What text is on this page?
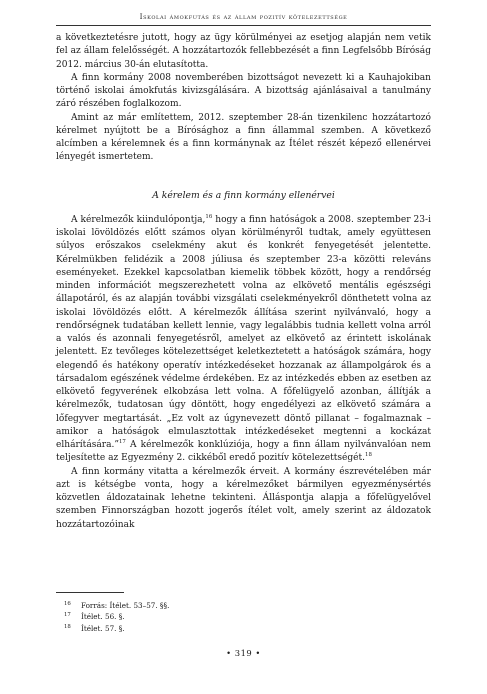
Iskolai ámokfutás és az állam pozitív kötelezettsége

a következtetésre jutott, hogy az ügy körülményei az esetjog alapján nem vetik fel az állam felelősségét. A hozzátartozók fellebbezését a finn Legfelsőbb Bíróság 2012. március 30-án elutasította.

A finn kormány 2008 novemberében bizottságot nevezett ki a Kauhajokiban történő iskolai ámokfutás kivizsgálására. A bizottság ajánlásaival a tanulmány záró részében foglalkozom.

Amint az már említettem, 2012. szeptember 28-án tizenkilenc hozzátartozó kérelmet nyújtott be a Bírósághoz a finn állammal szemben. A következő alcímben a kérelemnek és a finn kormánynak az Ítélet részét képező ellenérvei lényegét ismertetem.

A kérelem és a finn kormány ellenérvei

A kérelmezők kiindulópontja,$^{16}$ hogy a finn hatóságok a 2008. szeptember 23-i iskolai lövöldözés előtt számos olyan körülményről tudtak, amely együttesen súlyos erőszakos cselekmény akut és konkrét fenyegetését jelentette. Kérelmükben felidézik a 2008 júliusa és szeptember 23-a közötti releváns eseményeket. Ezekkel kapcsolatban kiemelik többek között, hogy a rendőrség minden információt megszerezhetett volna az elkövető mentális egészségi állapotáról, és az alapján további vizsgálati cselekményekről dönthetett volna az iskolai lövöldözés előtt. A kérelmezők állítása szerint nyilvánvaló, hogy a rendőrségnek tudatában kellett lennie, vagy legalábbis tudnia kellett volna arról a valós és azonnali fenyegetésről, amelyet az elkövető az érintett iskolának jelentett. Ez tevőleges kötelezettséget keletkeztetett a hatóságok számára, hogy elegendő és hatékony operatív intézkedéseket hozzanak az állampolgárok és a társadalom egészének védelme érdekében. Ez az intézkedés ebben az esetben az elkövető fegyverének elkobzása lett volna. A főfelügyelő azonban, állítják a kérelmezők, tudatosan úgy döntött, hogy engedélyezi az elkövető számára a lőfegyver megtartását. „Ez volt az úgynevezett döntő pillanat – fogalmaznak – amikor a hatóságok elmulasztottak intézkedéseket megtenni a kockázat elhárítására.”$^{17}$ A kérelmezők konklúziója, hogy a finn állam nyilvánvalóan nem teljesítette az Egyezmény 2. cikkéből eredő pozitív kötelezettségét.$^{18}$

A finn kormány vitatta a kérelmezők érveit. A kormány észrevételében már azt is kétségbe vonta, hogy a kérelmezőket bármilyen egyezménysértés közvetlen áldozatainak lehetne tekinteni. Álláspontja alapja a főfelügyelővel szemben Finnországban hozott jogerős ítélet volt, amely szerint az áldozatok hozzátartozóinak

16 Forrás: Ítélet. 53–57. §§.
17 Ítélet. 56. §.
18 Ítélet. 57. §.
• 319 •
